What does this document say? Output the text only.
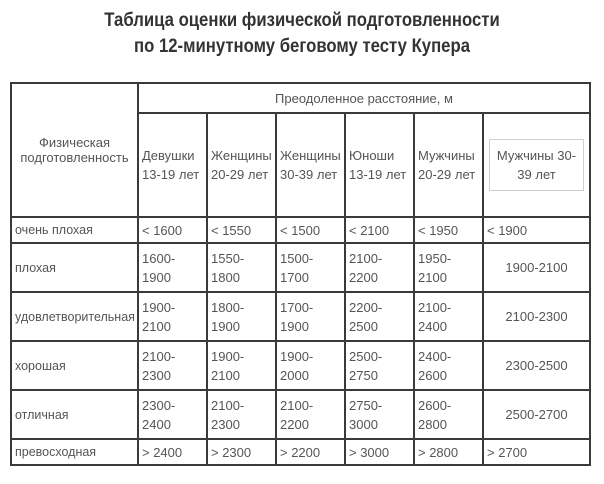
Таблица оценки физической подготовленности
по 12-минутному беговому тесту Купера
Физическая подготовленность	Преодоленное расстояние, м					
	Девушки 13-19 лет	Женщины 20-29 лет	Женщины 30-39 лет	Юноши 13-19 лет	Мужчины 20-29 лет	Мужчины 30-39 лет

очень плохая	< 1600	< 1550	< 1500	< 2100	< 1950	< 1900
плохая	1600-1900	1550-1800	1500-1700	2100-2200	1950-2100	1900-2100
удовлетворительная	1900-2100	1800-1900	1700-1900	2200-2500	2100-2400	2100-2300
хорошая	2100-2300	1900-2100	1900-2000	2500-2750	2400-2600	2300-2500
отличная	2300-2400	2100-2300	2100-2200	2750-3000	2600-2800	2500-2700
превосходная	> 2400	> 2300	> 2200	> 3000	> 2800	> 2700
